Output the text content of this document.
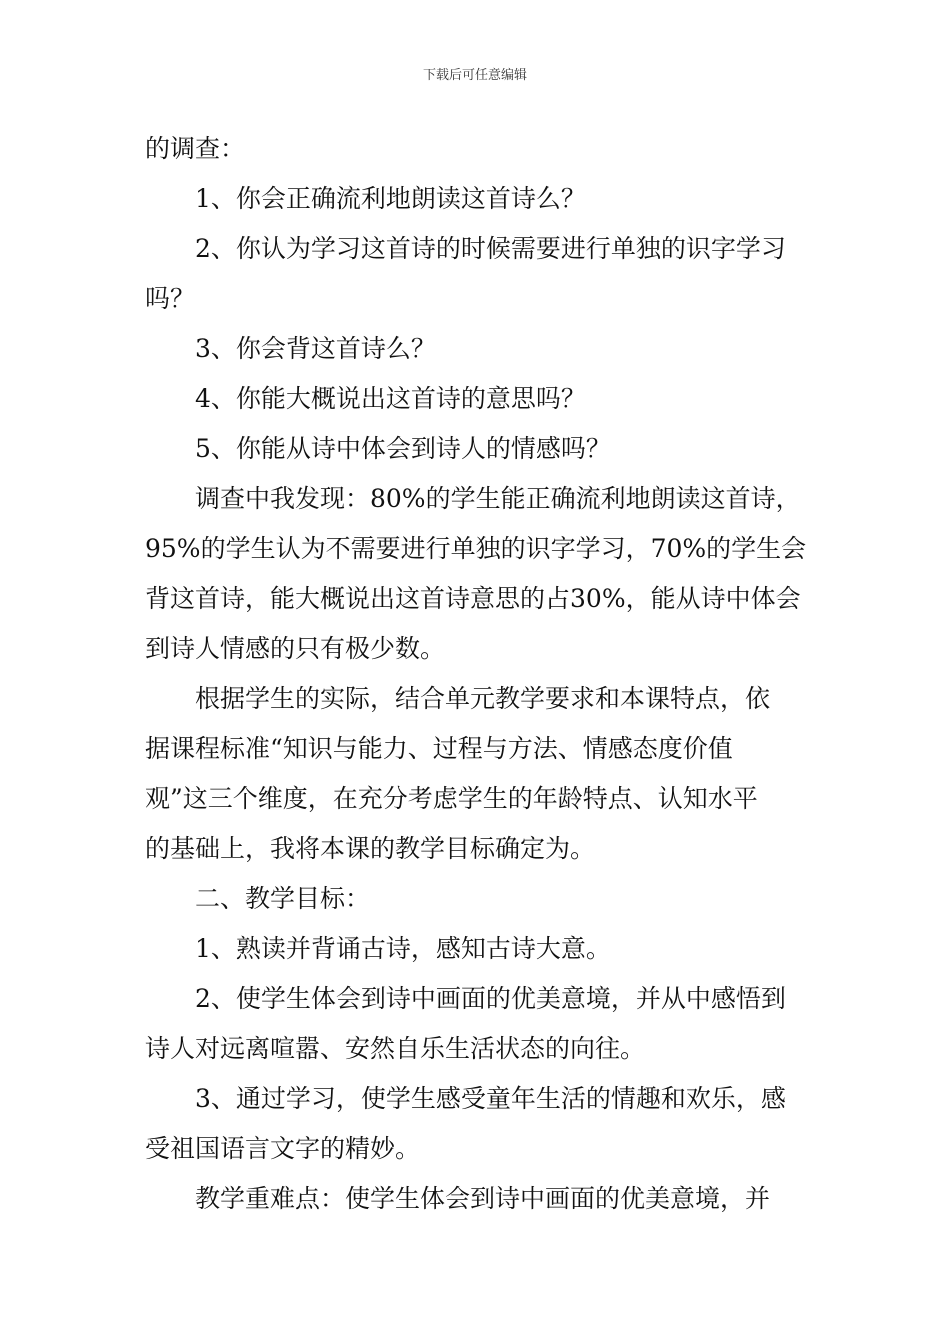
下载后可任意编辑
的调查：
1、你会正确流利地朗读这首诗么？
2、你认为学习这首诗的时候需要进行单独的识字学习
吗？
3、你会背这首诗么？
4、你能大概说出这首诗的意思吗？
5、你能从诗中体会到诗人的情感吗？
调查中我发现：80%的学生能正确流利地朗读这首诗，
95%的学生认为不需要进行单独的识字学习，70%的学生会
背这首诗，能大概说出这首诗意思的占30%，能从诗中体会
到诗人情感的只有极少数。
根据学生的实际，结合单元教学要求和本课特点，依
据课程标准“知识与能力、过程与方法、情感态度价值
观”这三个维度，在充分考虑学生的年龄特点、认知水平
的基础上，我将本课的教学目标确定为。
二、教学目标：
1、熟读并背诵古诗，感知古诗大意。
2、使学生体会到诗中画面的优美意境，并从中感悟到
诗人对远离喧嚣、安然自乐生活状态的向往。
3、通过学习，使学生感受童年生活的情趣和欢乐，感
受祖国语言文字的精妙。
教学重难点：使学生体会到诗中画面的优美意境，并
